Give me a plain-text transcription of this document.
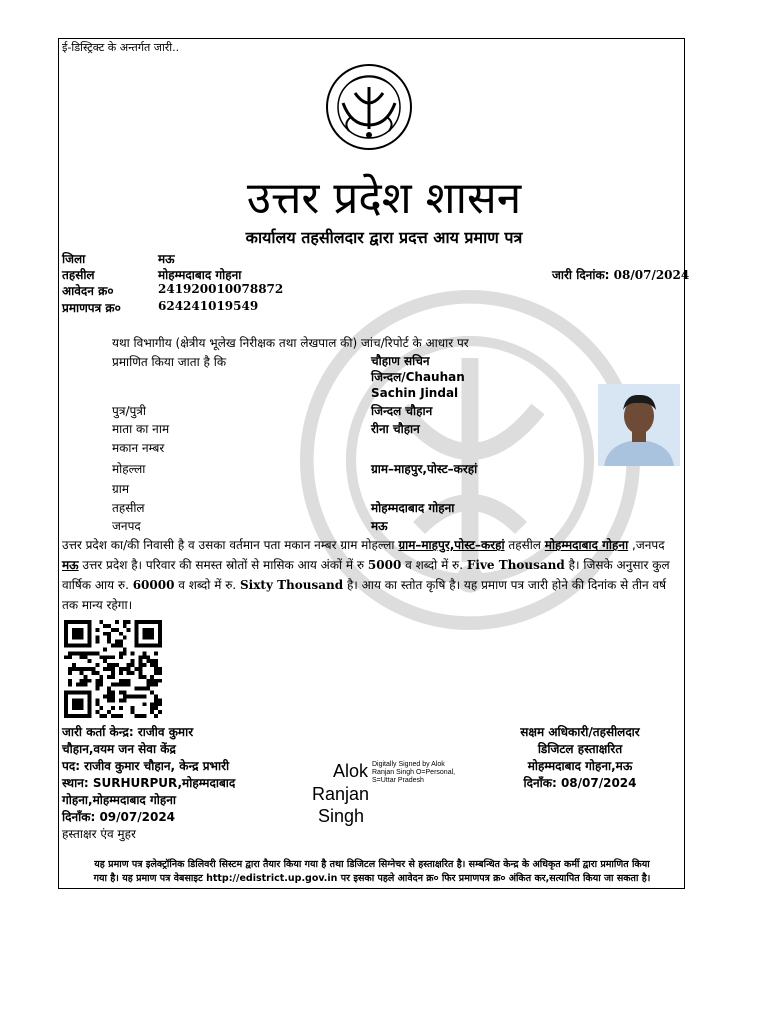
ई-डिस्ट्रिक्ट के अन्तर्गत जारी..
उत्तर प्रदेश शासन
कार्यालय तहसीलदार द्वारा प्रदत्त आय प्रमाण पत्र
जिला	मऊ
तहसील	मोहम्मदाबाद गोहना
आवेदन क्र०	241920010078872
प्रमाणपत्र क्र०	624241019549
जारी दिनांक: 08/07/2024
यथा विभागीय (क्षेत्रीय भूलेख निरीक्षक तथा लेखपाल की) जांच/रिपोर्ट के आधार पर
प्रमाणित किया जाता है कि	चौहाण सचिन
जिन्दल/Chauhan
Sachin Jindal
पुत्र/पुत्री	जिन्दल चौहान
माता का नाम	रीना चौहान
मकान नम्बर
मोहल्ला	ग्राम–माहपुर,पोस्ट–करहां
ग्राम
तहसील	मोहम्मदाबाद गोहना
जनपद	मऊ
उत्तर प्रदेश का/की निवासी है व उसका वर्तमान पता मकान नम्बर ग्राम मोहल्ला ग्राम–माहपुर,पोस्ट–करहां तहसील मोहम्मदाबाद गोहना ,जनपद मऊ उत्तर प्रदेश है। परिवार की समस्त स्रोतों से मासिक आय अंकों में रु 5000 व शब्दो में रु. Five Thousand है। जिसके अनुसार कुल वार्षिक आय रु. 60000 व शब्दो में रु. Sixty Thousand है। आय का स्तोत कृषि है। यह प्रमाण पत्र जारी होने की दिनांक से तीन वर्ष तक मान्य रहेगा।
जारी कर्ता केन्द्र: राजीव कुमार
चौहान,वयम जन सेवा केंद्र
पद: राजीव कुमार चौहान, केन्द्र प्रभारी
स्थान: SURHURPUR,मोहम्मदाबाद
गोहना,मोहम्मदाबाद गोहना
दिनाँक: 09/07/2024
हस्ताक्षर एंव मुहर
Alok
Ranjan
Singh
Digitally Signed by Alok
Ranjan Singh O=Personal,
S=Uttar Pradesh
सक्षम अधिकारी/तहसीलदार
डिजिटल हस्ताक्षरित
मोहम्मदाबाद गोहना,मऊ
दिनाँक: 08/07/2024
यह प्रमाण पत्र इलेक्ट्रॉनिक डिलिवरी सिस्टम द्वारा तैयार किया गया है तथा डिजिटल सिग्नेचर से हस्ताक्षरित है। सम्बन्धित केन्द्र के अधिकृत कर्मी द्वारा प्रमाणित किया
गया है। यह प्रमाण पत्र वेबसाइट http://edistrict.up.gov.in पर इसका पहले आवेदन क्र० फिर प्रमाणपत्र क्र० अंकित कर,सत्यापित किया जा सकता है।
